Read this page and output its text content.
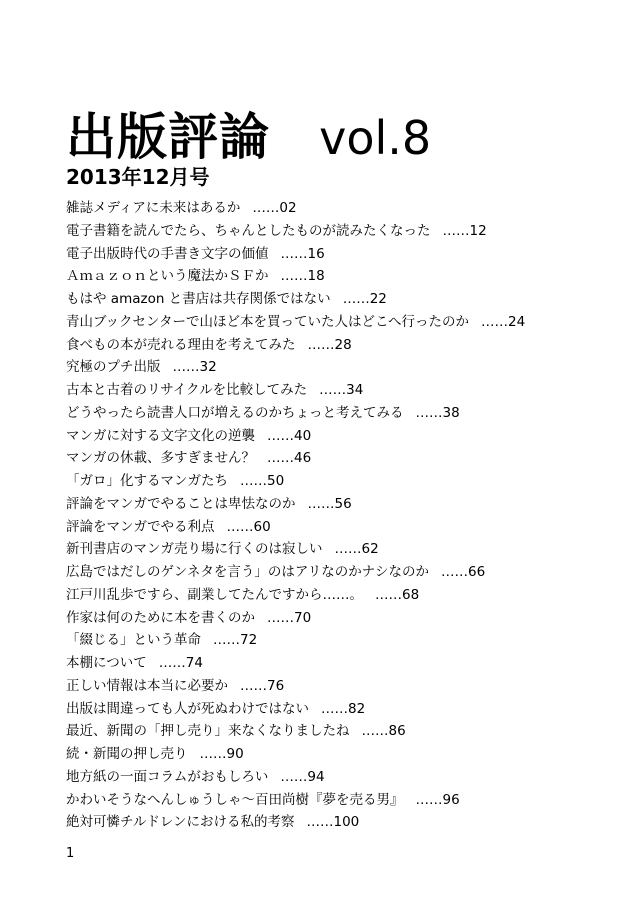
出版評論 vol.8
2013年12月号
雑誌メディアに未来はあるか ……02
電子書籍を読んでたら、ちゃんとしたものが読みたくなった ……12
電子出版時代の手書き文字の価値 ……16
Ａｍａｚｏｎという魔法かＳＦか ……18
もはや amazon と書店は共存関係ではない ……22
青山ブックセンターで山ほど本を買っていた人はどこへ行ったのか ……24
食べもの本が売れる理由を考えてみた ……28
究極のプチ出版 ……32
古本と古着のリサイクルを比較してみた ……34
どうやったら読書人口が増えるのかちょっと考えてみる ……38
マンガに対する文字文化の逆襲 ……40
マンガの休載、多すぎません？ ……46
「ガロ」化するマンガたち ……50
評論をマンガでやることは卑怯なのか ……56
評論をマンガでやる利点 ……60
新刊書店のマンガ売り場に行くのは寂しい ……62
広島ではだしのゲンネタを言う」のはアリなのかナシなのか ……66
江戸川乱歩ですら、副業してたんですから……。 ……68
作家は何のために本を書くのか ……70
「綴じる」という革命 ……72
本棚について ……74
正しい情報は本当に必要か ……76
出版は間違っても人が死ぬわけではない ……82
最近、新聞の「押し売り」来なくなりましたね ……86
続・新聞の押し売り ……90
地方紙の一面コラムがおもしろい ……94
かわいそうなへんしゅうしゃ～百田尚樹『夢を売る男』 ……96
絶対可憐チルドレンにおける私的考察 ……100
1
